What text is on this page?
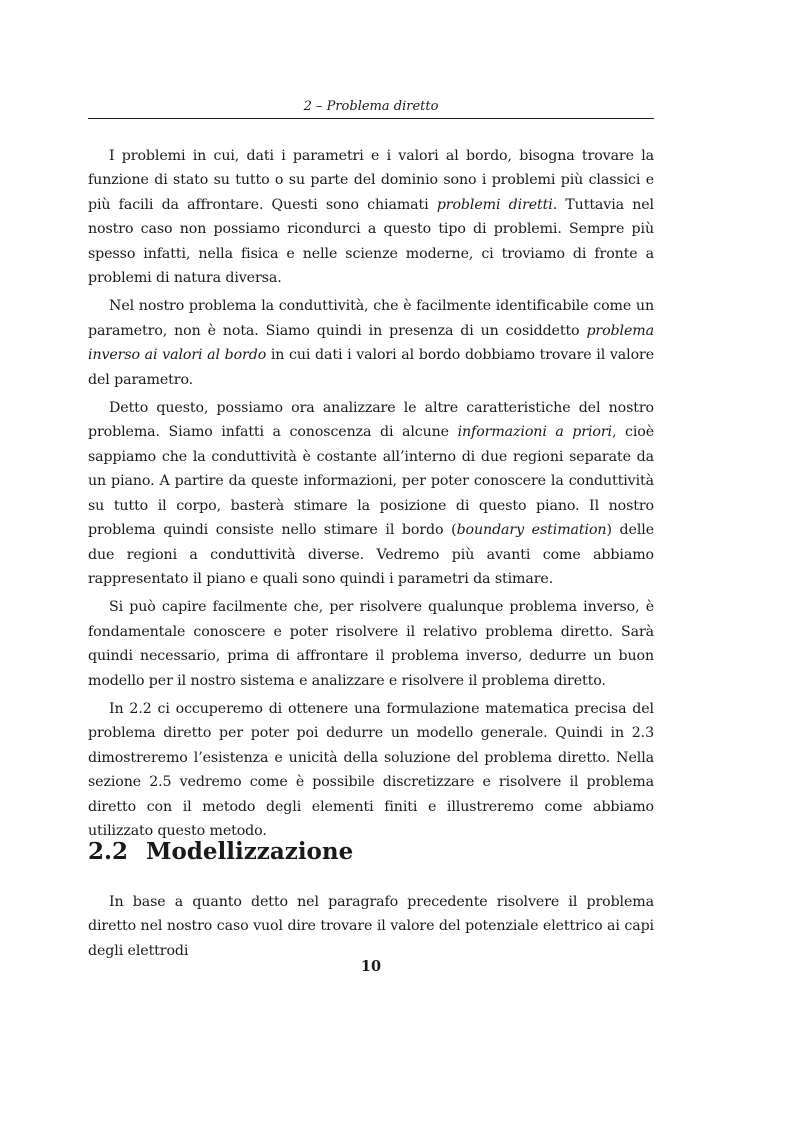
2 – Problema diretto

I problemi in cui, dati i parametri e i valori al bordo, bisogna trovare la funzione di stato su tutto o su parte del dominio sono i problemi più classici e più facili da affrontare. Questi sono chiamati problemi diretti. Tuttavia nel nostro caso non possiamo ricondurci a questo tipo di problemi. Sempre più spesso infatti, nella fisica e nelle scienze moderne, ci troviamo di fronte a problemi di natura diversa.

Nel nostro problema la conduttività, che è facilmente identificabile come un parametro, non è nota. Siamo quindi in presenza di un cosiddetto problema inverso ai valori al bordo in cui dati i valori al bordo dobbiamo trovare il valore del parametro.

Detto questo, possiamo ora analizzare le altre caratteristiche del nostro problema. Siamo infatti a conoscenza di alcune informazioni a priori, cioè sappiamo che la conduttività è costante all’interno di due regioni separate da un piano. A partire da queste informazioni, per poter conoscere la conduttività su tutto il corpo, basterà stimare la posizione di questo piano. Il nostro problema quindi consiste nello stimare il bordo (boundary estimation) delle due regioni a conduttività diverse. Vedremo più avanti come abbiamo rappresentato il piano e quali sono quindi i parametri da stimare.

Si può capire facilmente che, per risolvere qualunque problema inverso, è fondamentale conoscere e poter risolvere il relativo problema diretto. Sarà quindi necessario, prima di affrontare il problema inverso, dedurre un buon modello per il nostro sistema e analizzare e risolvere il problema diretto.

In 2.2 ci occuperemo di ottenere una formulazione matematica precisa del problema diretto per poter poi dedurre un modello generale. Quindi in 2.3 dimostreremo l’esistenza e unicità della soluzione del problema diretto. Nella sezione 2.5 vedremo come è possibile discretizzare e risolvere il problema diretto con il metodo degli elementi finiti e illustreremo come abbiamo utilizzato questo metodo.

2.2 Modellizzazione

In base a quanto detto nel paragrafo precedente risolvere il problema diretto nel nostro caso vuol dire trovare il valore del potenziale elettrico ai capi degli elettrodi

10
